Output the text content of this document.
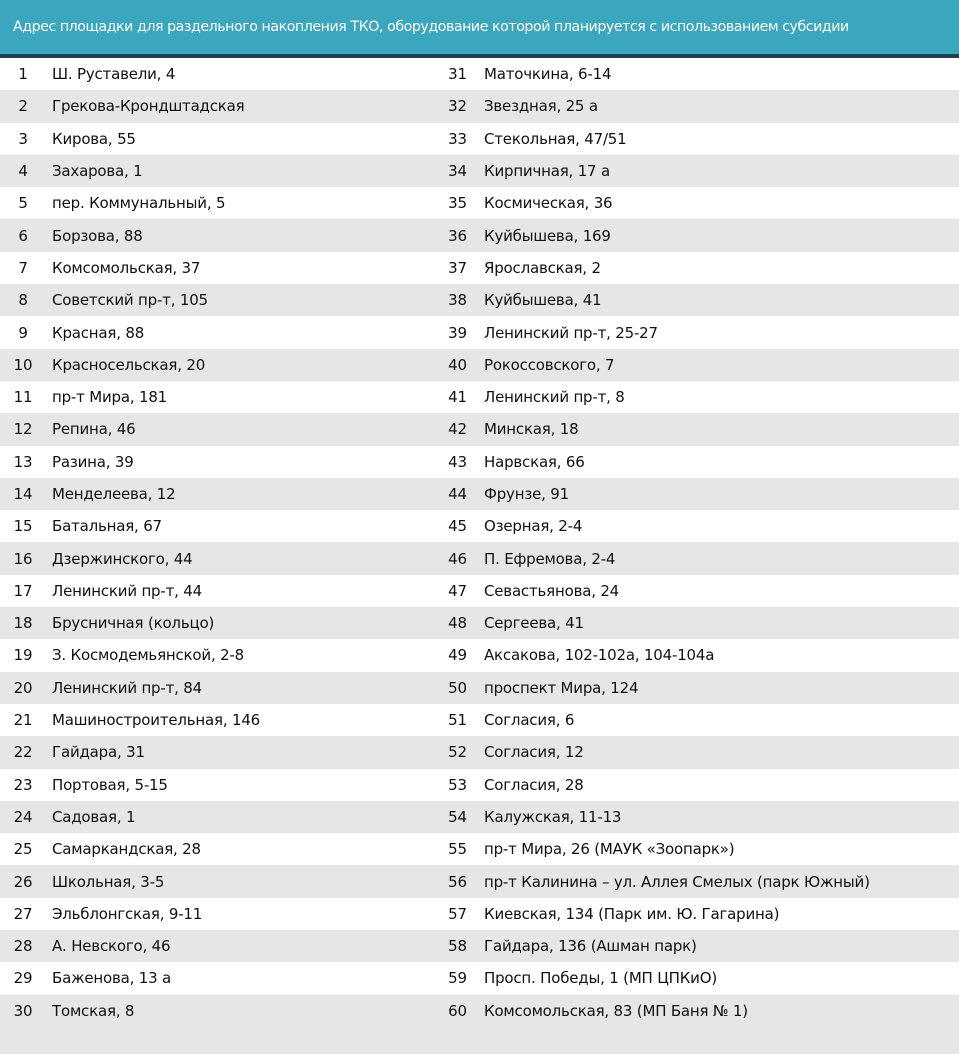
Адрес площадки для раздельного накопления ТКО, оборудование которой планируется с использованием субсидии
1	Ш. Руставели, 4	31	Маточкина, 6-14
2	Грекова-Крондштадская	32	Звездная, 25 а
3	Кирова, 55	33	Стекольная, 47/51
4	Захарова, 1	34	Кирпичная, 17 а
5	пер. Коммунальный, 5	35	Космическая, 36
6	Борзова, 88	36	Куйбышева, 169
7	Комсомольская, 37	37	Ярославская, 2
8	Советский пр-т, 105	38	Куйбышева, 41
9	Красная, 88	39	Ленинский пр-т, 25-27
10	Красносельская, 20	40	Рокоссовского, 7
11	пр-т Мира, 181	41	Ленинский пр-т, 8
12	Репина, 46	42	Минская, 18
13	Разина, 39	43	Нарвская, 66
14	Менделеева, 12	44	Фрунзе, 91
15	Батальная, 67	45	Озерная, 2-4
16	Дзержинского, 44	46	П. Ефремова, 2-4
17	Ленинский пр-т, 44	47	Севастьянова, 24
18	Брусничная (кольцо)	48	Сергеева, 41
19	З. Космодемьянской, 2-8	49	Аксакова, 102-102а, 104-104а
20	Ленинский пр-т, 84	50	проспект Мира, 124
21	Машиностроительная, 146	51	Согласия, 6
22	Гайдара, 31	52	Согласия, 12
23	Портовая, 5-15	53	Согласия, 28
24	Садовая, 1	54	Калужская, 11-13
25	Самаркандская, 28	55	пр-т Мира, 26 (МАУК «Зоопарк»)
26	Школьная, 3-5	56	пр-т Калинина – ул. Аллея Смелых (парк Южный)
27	Эльблонгская, 9-11	57	Киевская, 134 (Парк им. Ю. Гагарина)
28	А. Невского, 46	58	Гайдара, 136 (Ашман парк)
29	Баженова, 13 а	59	Просп. Победы, 1 (МП ЦПКиО)
30	Томская, 8	60	Комсомольская, 83 (МП Баня № 1)
